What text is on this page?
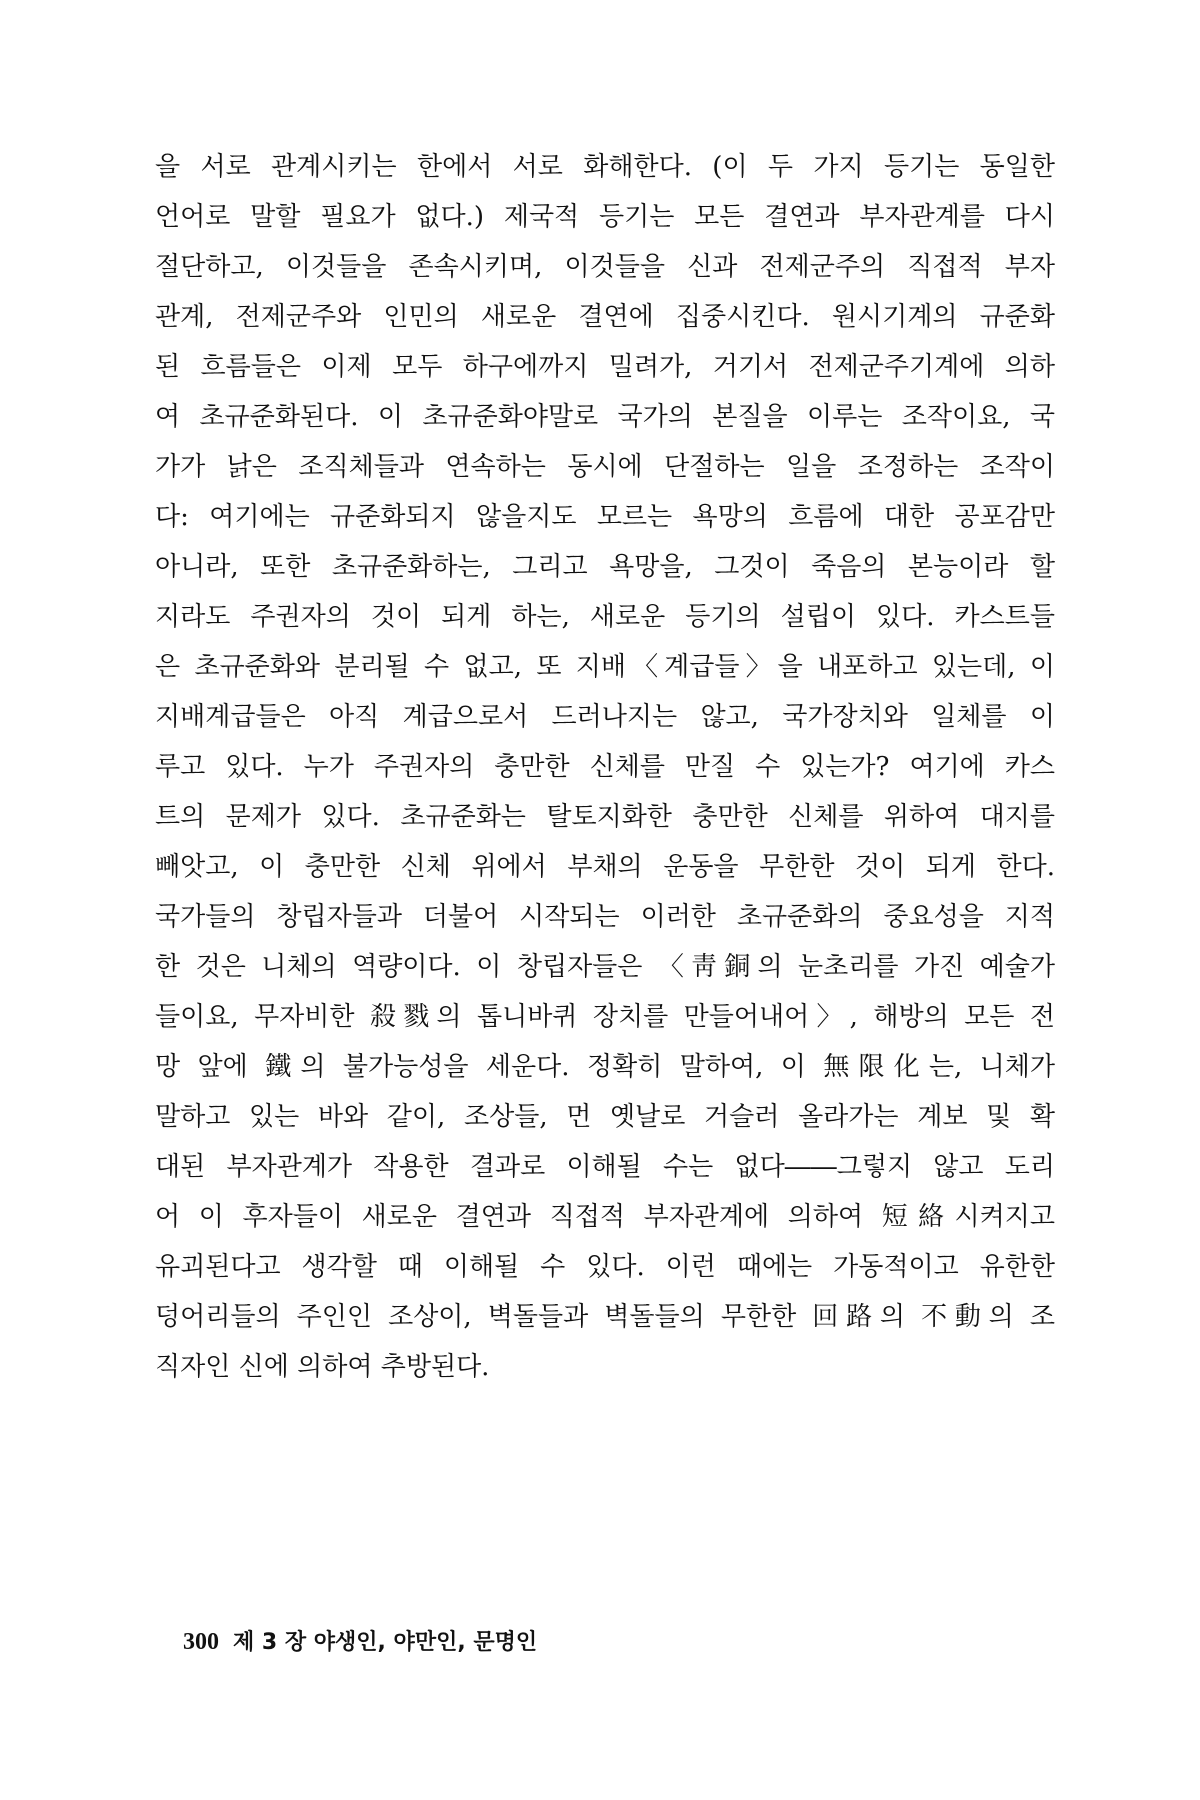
을 서로 관계시키는 한에서 서로 화해한다. (이 두 가지 등기는 동일한
언어로 말할 필요가 없다.) 제국적 등기는 모든 결연과 부자관계를 다시
절단하고, 이것들을 존속시키며, 이것들을 신과 전제군주의 직접적 부자
관계, 전제군주와 인민의 새로운 결연에 집중시킨다. 원시기계의 규준화
된 흐름들은 이제 모두 하구에까지 밀려가, 거기서 전제군주기계에 의하
여 초규준화된다. 이 초규준화야말로 국가의 본질을 이루는 조작이요, 국
가가 낡은 조직체들과 연속하는 동시에 단절하는 일을 조정하는 조작이
다: 여기에는 규준화되지 않을지도 모르는 욕망의 흐름에 대한 공포감만
아니라, 또한 초규준화하는, 그리고 욕망을, 그것이 죽음의 본능이라 할
지라도 주권자의 것이 되게 하는, 새로운 등기의 설립이 있다. 카스트들
은 초규준화와 분리될 수 없고, 또 지배〈계급들〉을 내포하고 있는데, 이
지배계급들은 아직 계급으로서 드러나지는 않고, 국가장치와 일체를 이
루고 있다. 누가 주권자의 충만한 신체를 만질 수 있는가? 여기에 카스
트의 문제가 있다. 초규준화는 탈토지화한 충만한 신체를 위하여 대지를
빼앗고, 이 충만한 신체 위에서 부채의 운동을 무한한 것이 되게 한다.
국가들의 창립자들과 더불어 시작되는 이러한 초규준화의 중요성을 지적
한 것은 니체의 역량이다. 이 창립자들은 〈靑銅의 눈초리를 가진 예술가
들이요, 무자비한 殺戮의 톱니바퀴 장치를 만들어내어〉, 해방의 모든 전
망 앞에 鐵의 불가능성을 세운다. 정확히 말하여, 이 無限化는, 니체가
말하고 있는 바와 같이, 조상들, 먼 옛날로 거슬러 올라가는 계보 및 확
대된 부자관계가 작용한 결과로 이해될 수는 없다――그렇지 않고 도리
어 이 후자들이 새로운 결연과 직접적 부자관계에 의하여 短絡시켜지고
유괴된다고 생각할 때 이해될 수 있다. 이런 때에는 가동적이고 유한한
덩어리들의 주인인 조상이, 벽돌들과 벽돌들의 무한한 回路의 不動의 조
직자인 신에 의하여 추방된다.
300 제 3 장 야생인, 야만인, 문명인
